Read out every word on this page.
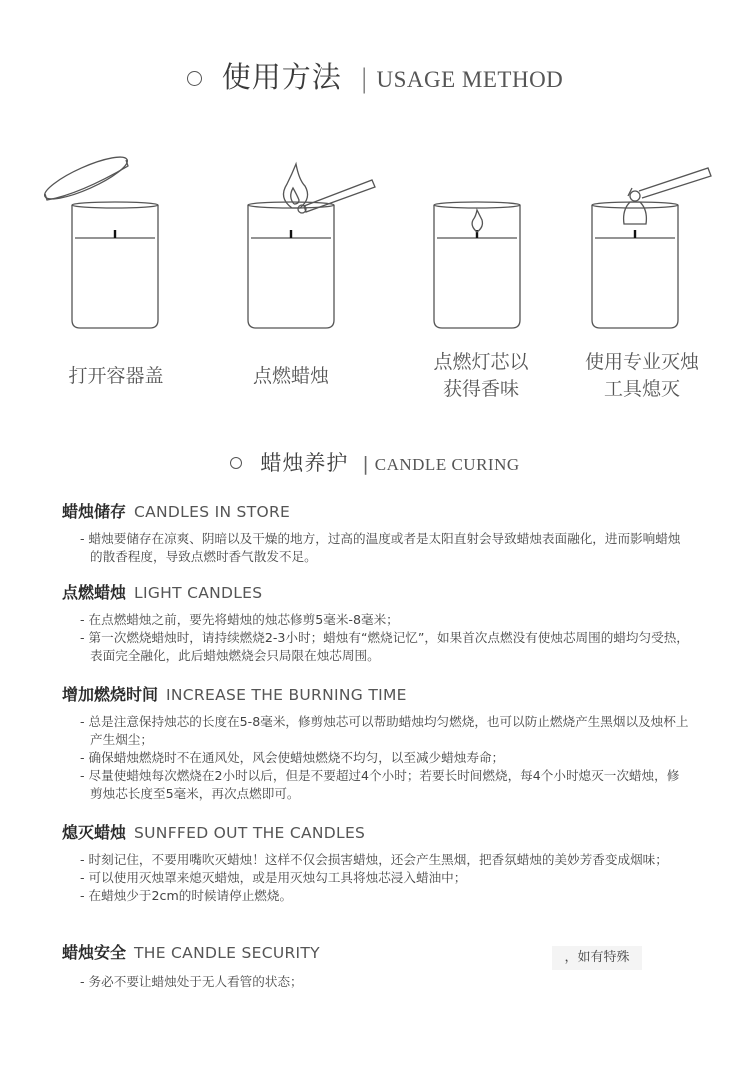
使用方法 | USAGE METHOD
打开容器盖	点燃蜡烛
点燃灯芯以
获得香味
使用专业灭烛
工具熄灭
蜡烛养护 | CANDLE CURING
蜡烛储存 CANDLES IN STORE
- 蜡烛要储存在凉爽、阴暗以及干燥的地方，过高的温度或者是太阳直射会导致蜡烛表面融化，进而影响蜡烛的散香程度，导致点燃时香气散发不足。
点燃蜡烛 LIGHT CANDLES
- 在点燃蜡烛之前，要先将蜡烛的烛芯修剪5毫米-8毫米；
- 第一次燃烧蜡烛时，请持续燃烧2-3小时；蜡烛有“燃烧记忆”，如果首次点燃没有使烛芯周围的蜡均匀受热，表面完全融化，此后蜡烛燃烧会只局限在烛芯周围。
增加燃烧时间 INCREASE THE BURNING TIME
- 总是注意保持烛芯的长度在5-8毫米，修剪烛芯可以帮助蜡烛均匀燃烧，也可以防止燃烧产生黑烟以及烛杯上产生烟尘；
- 确保蜡烛燃烧时不在通风处，风会使蜡烛燃烧不均匀，以至减少蜡烛寿命；
- 尽量使蜡烛每次燃烧在2小时以后，但是不要超过4个小时；若要长时间燃烧，每4个小时熄灭一次蜡烛，修剪烛芯长度至5毫米，再次点燃即可。
熄灭蜡烛 SUNFFED OUT THE CANDLES
- 时刻记住，不要用嘴吹灭蜡烛！这样不仅会损害蜡烛，还会产生黑烟，把香氛蜡烛的美妙芳香变成烟味；
- 可以使用灭烛罩来熄灭蜡烛，或是用灭烛勾工具将烛芯浸入蜡油中；
- 在蜡烛少于2cm的时候请停止燃烧。
蜡烛安全 THE CANDLE SECURITY
- 务必不要让蜡烛处于无人看管的状态；
，如有特殊
